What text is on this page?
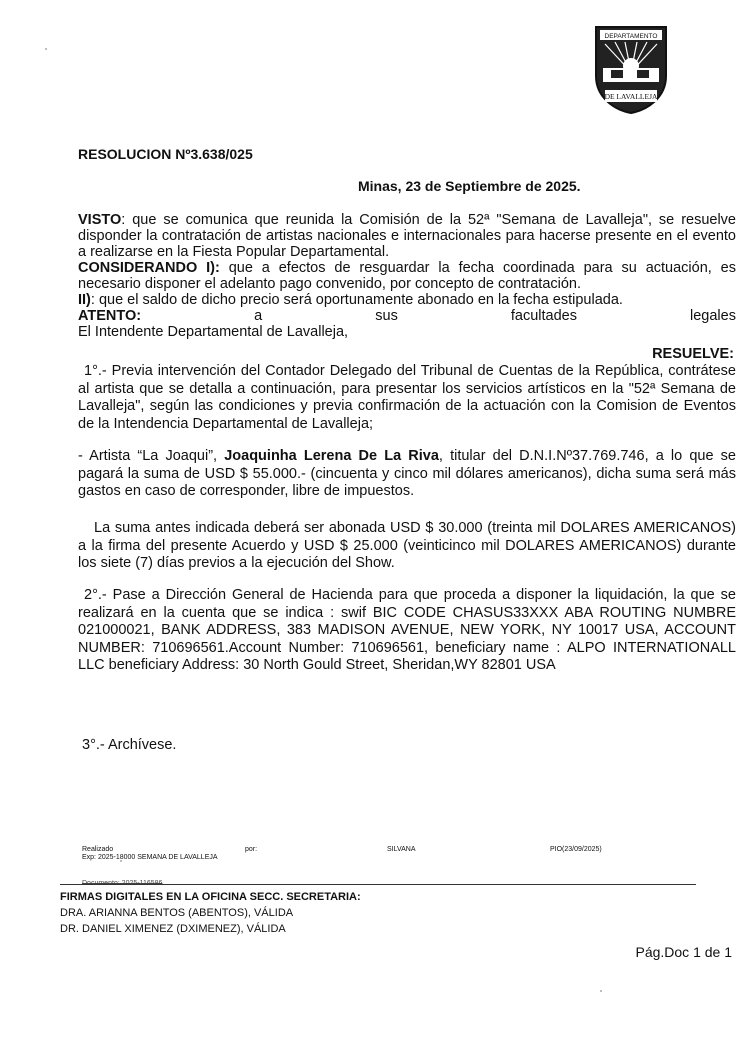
DEPARTAMENTO
DE LAVALLEJA
RESOLUCION Nº3.638/025
Minas, 23 de Septiembre de 2025.
VISTO: que se comunica que reunida la Comisión de la 52ª "Semana de Lavalleja", se resuelve disponder la contratación de artistas nacionales e internacionales para hacerse presente en el evento a realizarse en la Fiesta Popular Departamental.
CONSIDERANDO I): que a efectos de resguardar la fecha coordinada para su actuación, es necesario disponer el adelanto pago convenido, por concepto de contratación.
II): que el saldo de dicho precio será oportunamente abonado en la fecha estipulada.
ATENTO:	a	sus	facultades	legales
El Intendente Departamental de Lavalleja,
RESUELVE:
1°.- Previa intervención del Contador Delegado del Tribunal de Cuentas de la República, contrátese al artista que se detalla a continuación, para presentar los servicios artísticos en la "52ª Semana de Lavalleja", según las condiciones y previa confirmación de la actuación con la Comision de Eventos de la Intendencia Departamental de Lavalleja;
- Artista “La Joaqui”, Joaquinha Lerena De La Riva, titular del D.N.I.Nº37.769.746, a lo que se pagará la suma de USD $ 55.000.- (cincuenta y cinco mil dólares americanos), dicha suma será más gastos en caso de corresponder, libre de impuestos.
La suma antes indicada deberá ser abonada USD $ 30.000 (treinta mil DOLARES AMERICANOS) a la firma del presente Acuerdo y USD $ 25.000 (veinticinco mil DOLARES AMERICANOS) durante los siete (7) días previos a la ejecución del Show.
2°.- Pase a Dirección General de Hacienda para que proceda a disponer la liquidación, la que se realizará en la cuenta que se indica : swif BIC CODE CHASUS33XXX ABA ROUTING NUMBRE 021000021, BANK ADDRESS, 383 MADISON AVENUE, NEW YORK, NY 10017 USA, ACCOUNT NUMBER: 710696561.Account Number: 710696561, beneficiary name : ALPO INTERNATIONALL LLC beneficiary Address: 30 North Gould Street, Sheridan,WY 82801 USA
3°.- Archívese.
Realizado
Exp: 2025-18000 SEMANA DE LAVALLEJA
por:	SILVANA	PIO(23/09/2025)
FIRMAS DIGITALES EN LA OFICINA SECC. SECRETARIA:
DRA. ARIANNA BENTOS (ABENTOS), VÁLIDA
DR. DANIEL XIMENEZ (DXIMENEZ), VÁLIDA
Pág.Doc 1 de 1
